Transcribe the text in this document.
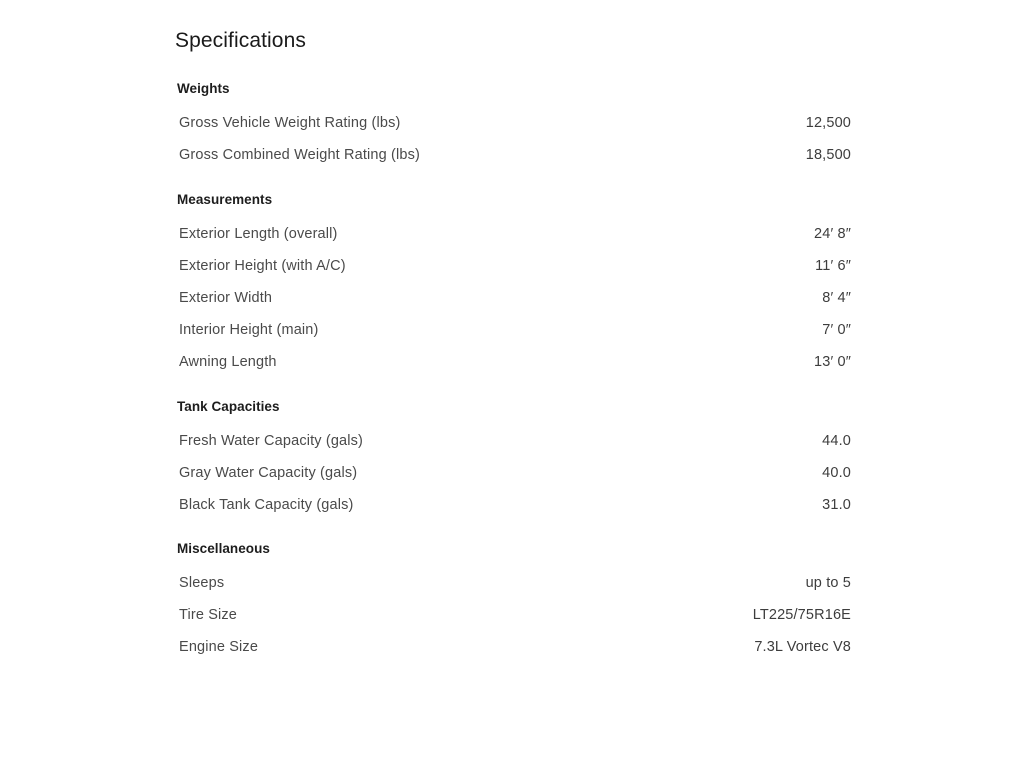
Specifications
Weights
Gross Vehicle Weight Rating (lbs)	12,500
Gross Combined Weight Rating (lbs)	18,500
Measurements
Exterior Length (overall)	24′ 8″
Exterior Height (with A/C)	11′ 6″
Exterior Width	8′ 4″
Interior Height (main)	7′ 0″
Awning Length	13′ 0″
Tank Capacities
Fresh Water Capacity (gals)	44.0
Gray Water Capacity (gals)	40.0
Black Tank Capacity (gals)	31.0
Miscellaneous
Sleeps	up to 5
Tire Size	LT225/75R16E
Engine Size	7.3L Vortec V8
